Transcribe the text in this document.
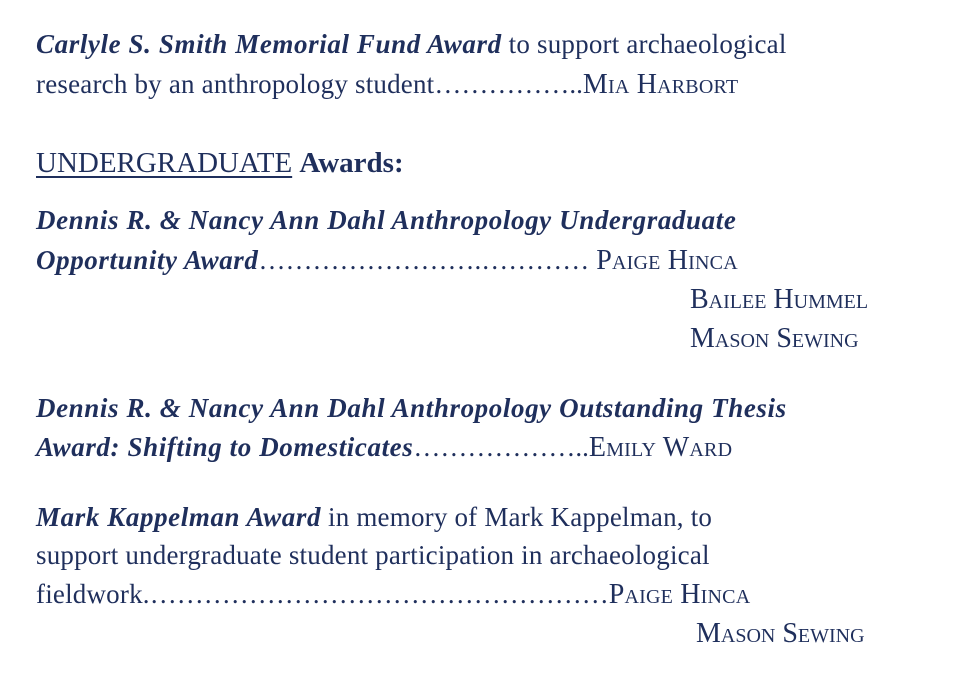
Carlyle S. Smith Memorial Fund Award to support archaeological
research by an anthropology student……………..Mia Harbort
UNDERGRADUATE Awards:
Dennis R. & Nancy Ann Dahl Anthropology Undergraduate
Opportunity Award…………………….………… Paige Hinca
Bailee Hummel
Mason Sewing
Dennis R. & Nancy Ann Dahl Anthropology Outstanding Thesis
Award: Shifting to Domesticates………………..Emily Ward
Mark Kappelman Award in memory of Mark Kappelman, to
support undergraduate student participation in archaeological
fieldwork.……………………………………………Paige Hinca
Mason Sewing
